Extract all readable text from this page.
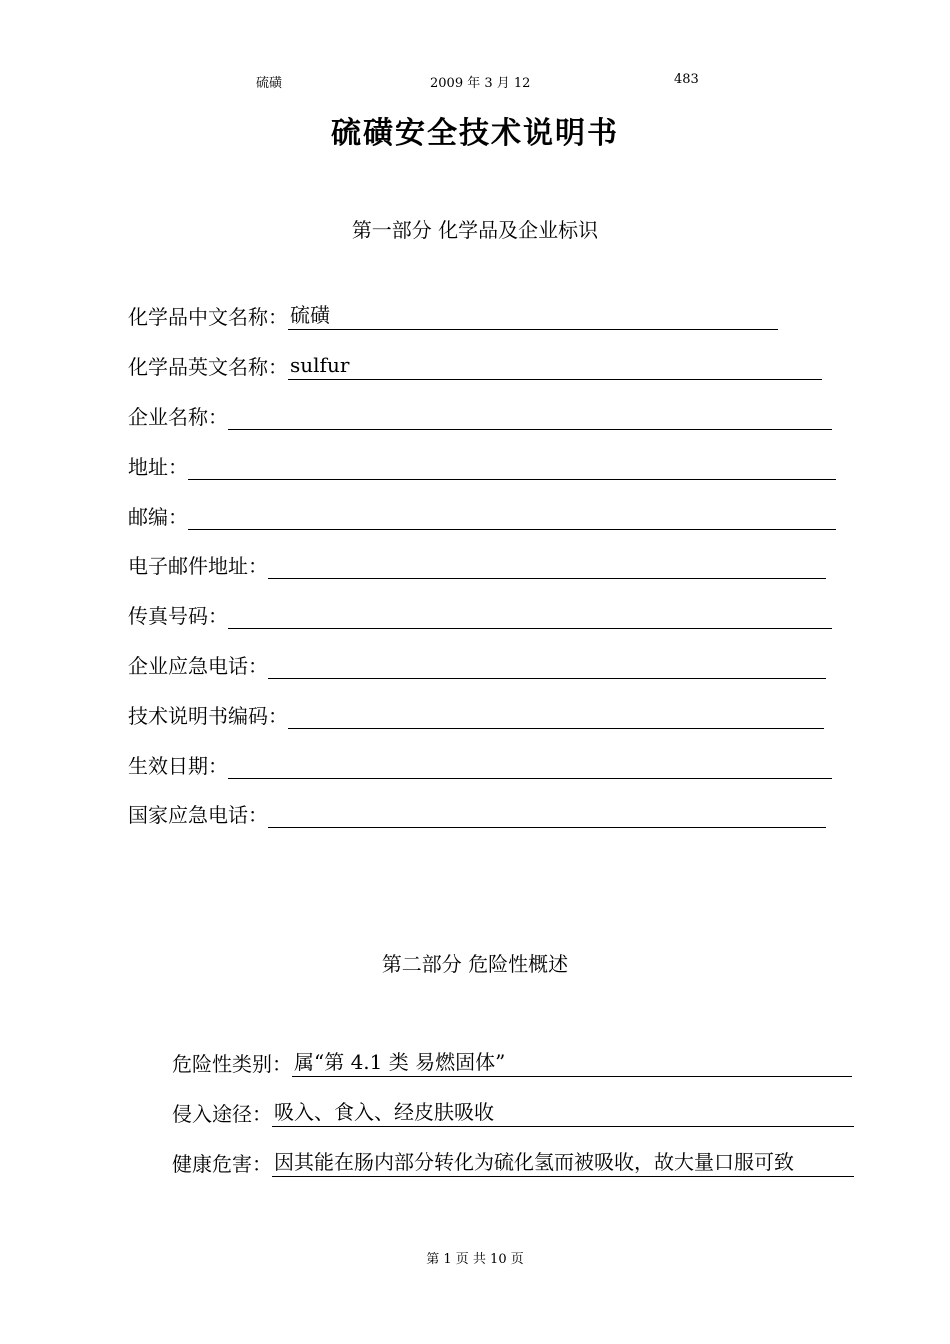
硫磺	2009 年 3 月 12	483
硫磺安全技术说明书
第一部分 化学品及企业标识
化学品中文名称： 硫磺
化学品英文名称： sulfur
企业名称：
地址：
邮编：
电子邮件地址：
传真号码：
企业应急电话：
技术说明书编码：
生效日期：
国家应急电话：
第二部分 危险性概述
危险性类别： 属“第 4.1 类 易燃固体”
侵入途径： 吸入、食入、经皮肤吸收
健康危害： 因其能在肠内部分转化为硫化氢而被吸收，故大量口服可致
第 1 页 共 10 页
